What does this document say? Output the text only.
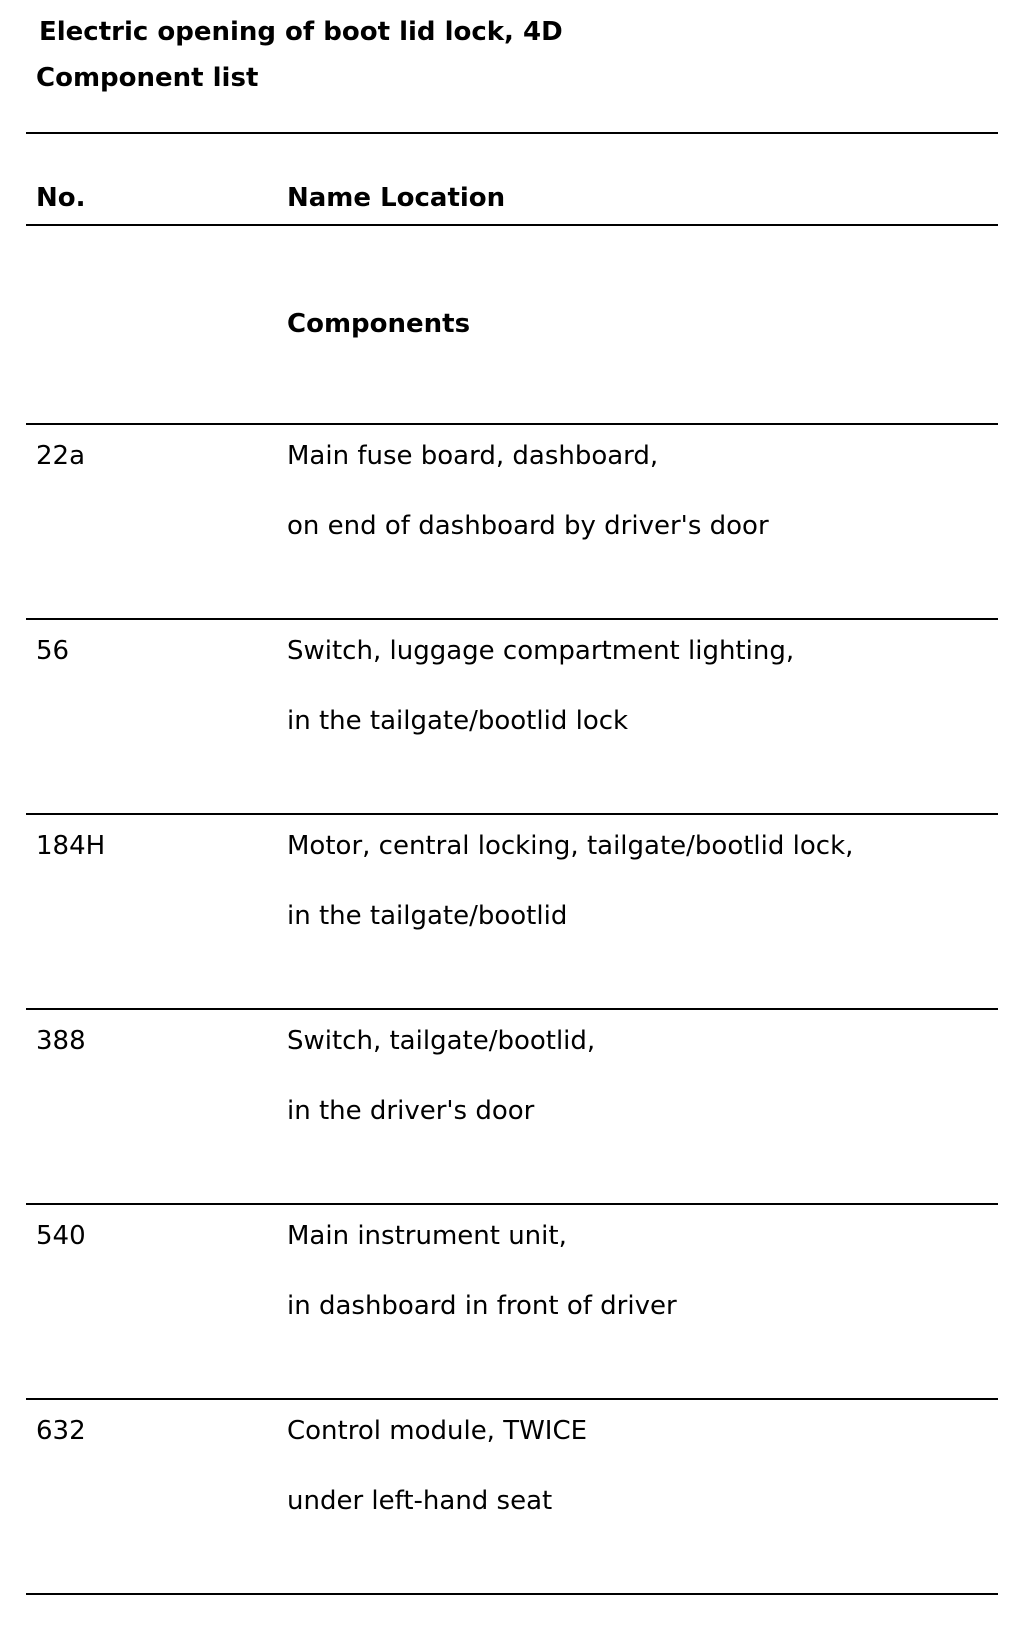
Electric opening of boot lid lock, 4D
Component list
No.	Name Location
Components
22a	Main fuse board, dashboard,
on end of dashboard by driver's door
56	Switch, luggage compartment lighting,
in the tailgate/bootlid lock
184H	Motor, central locking, tailgate/bootlid lock,
in the tailgate/bootlid
388	Switch, tailgate/bootlid,
in the driver's door
540	Main instrument unit,
in dashboard in front of driver
632	Control module, TWICE
under left-hand seat
